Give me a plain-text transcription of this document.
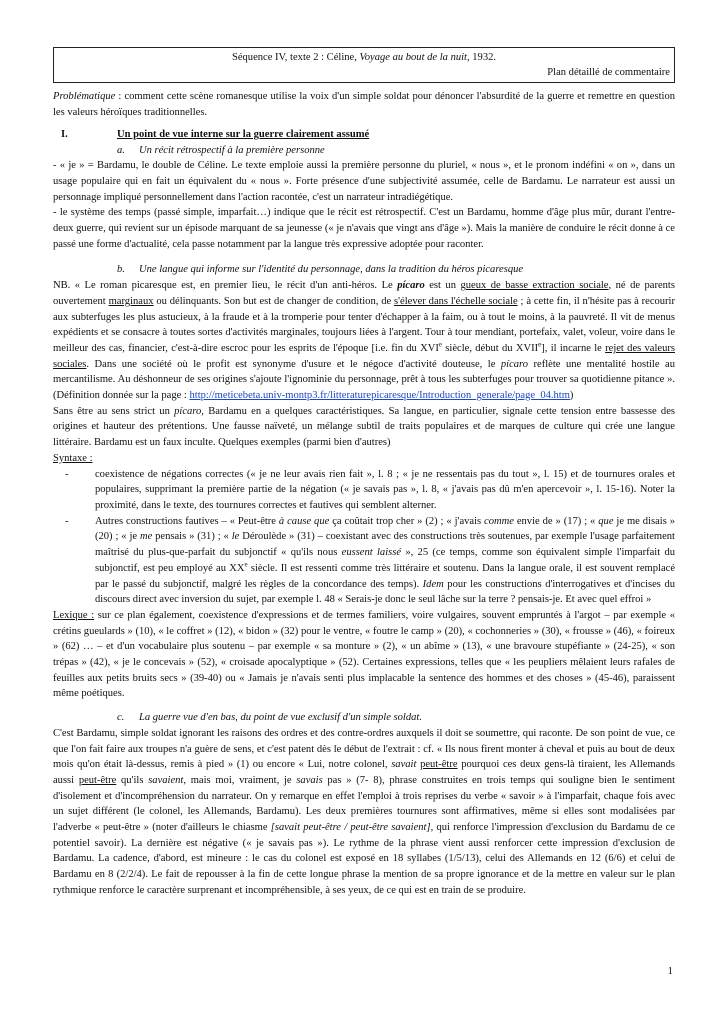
Séquence IV, texte 2 : Céline, Voyage au bout de la nuit, 1932.
Plan détaillé de commentaire

Problématique : comment cette scène romanesque utilise la voix d'un simple soldat pour dénoncer l'absurdité de la guerre et remettre en question les valeurs héroïques traditionnelles.

I.	Un point de vue interne sur la guerre clairement assumé
a. Un récit rétrospectif à la première personne

- « je » = Bardamu, le double de Céline. Le texte emploie aussi la première personne du pluriel, « nous », et le pronom indéfini « on », dans un usage populaire qui en fait un équivalent du « nous ». Forte présence d'une subjectivité assumée, celle de Bardamu. Le narrateur est aussi un personnage impliqué personnellement dans l'action racontée, c'est un narrateur intradiégétique.

- le système des temps (passé simple, imparfait…) indique que le récit est rétrospectif. C'est un Bardamu, homme d'âge plus mûr, durant l'entre-deux guerre, qui revient sur un épisode marquant de sa jeunesse (« je n'avais que vingt ans d'âge »). Mais la manière de conduire le récit donne à ce passé une forme d'actualité, cela passe notamment par la langue très expressive adoptée pour raconter.

b. Une langue qui informe sur l'identité du personnage, dans la tradition du héros picaresque

NB. « Le roman picaresque est, en premier lieu, le récit d'un anti-héros. Le pícaro est un gueux de basse extraction sociale, né de parents ouvertement marginaux ou délinquants. Son but est de changer de condition, de s'élever dans l'échelle sociale ; à cette fin, il n'hésite pas à recourir aux subterfuges les plus astucieux, à la fraude et à la tromperie pour tenter d'échapper à la faim, ou à tout le moins, à la pauvreté. Il vit de menus expédients et se consacre à toutes sortes d'activités marginales, toujours liées à l'argent. Tour à tour mendiant, portefaix, valet, voleur, voire dans le meilleur des cas, financier, c'est-à-dire escroc pour les esprits de l'époque [i.e. fin du XVIe siècle, début du XVIIe], il incarne le rejet des valeurs sociales. Dans une société où le profit est synonyme d'usure et le négoce d'activité douteuse, le pícaro reflète une mentalité hostile au mercantilisme. Au déshonneur de ses origines s'ajoute l'ignominie du personnage, prêt à tous les subterfuges pour trouver sa quotidienne pitance ». (Définition donnée sur la page : http://meticebeta.univ-montp3.fr/litteraturepicaresque/Introduction_generale/page_04.htm)

Sans être au sens strict un pícaro, Bardamu en a quelques caractéristiques. Sa langue, en particulier, signale cette tension entre bassesse des origines et hauteur des prétentions. Une fausse naïveté, un mélange subtil de traits populaires et de marques de culture qui crée une langue littéraire. Bardamu est un faux inculte. Quelques exemples (parmi bien d'autres)

Syntaxe :

-	coexistence de négations correctes (« je ne leur avais rien fait », l. 8 ; « je ne ressentais pas du tout », l. 15) et de tournures orales et populaires, supprimant la première partie de la négation (« je savais pas », l. 8, « j'avais pas dû m'en apercevoir », l. 15-16). Noter la proximité, dans le texte, des tournures correctes et fautives qui semblent alterner.
-	Autres constructions fautives – « Peut-être à cause que ça coûtait trop cher » (2) ; « j'avais comme envie de » (17) ; « que je me disais » (20) ; « je me pensais » (31) ; « le Déroulède » (31) – coexistant avec des constructions très soutenues, par exemple l'usage parfaitement maîtrisé du plus-que-parfait du subjonctif « qu'ils nous eussent laissé », 25 (ce temps, comme son équivalent simple l'imparfait du subjonctif, est peu employé au XXe siècle. Il est ressenti comme très littéraire et soutenu. Dans la langue orale, il est souvent remplacé par le passé du subjonctif, malgré les règles de la concordance des temps). Idem pour les constructions d'interrogatives et d'incises du discours direct avec inversion du sujet, par exemple l. 48 « Serais-je donc le seul lâche sur la terre ? pensais-je. Et avec quel effroi »

Lexique : sur ce plan également, coexistence d'expressions et de termes familiers, voire vulgaires, souvent empruntés à l'argot – par exemple « crétins gueulards » (10), « le coffret » (12), « bidon » (32) pour le ventre, « foutre le camp » (20), « cochonneries » (30), « frousse » (46), « foireux » (62) … – et d'un vocabulaire plus soutenu – par exemple « sa monture » (2), « un abîme » (13), « une bravoure stupéfiante » (24-25), « son trépas » (42), « je le concevais » (52), « croisade apocalyptique » (52). Certaines expressions, telles que « les peupliers mêlaient leurs rafales de feuilles aux petits bruits secs » (39-40) ou « Jamais je n'avais senti plus implacable la sentence des hommes et des choses » (45-46), paraissent même poétiques.

c. La guerre vue d'en bas, du point de vue exclusif d'un simple soldat.

C'est Bardamu, simple soldat ignorant les raisons des ordres et des contre-ordres auxquels il doit se soumettre, qui raconte. De son point de vue, ce que l'on fait faire aux troupes n'a guère de sens, et c'est patent dès le début de l'extrait : cf. « Ils nous firent monter à cheval et puis au bout de deux mois qu'on était là-dessus, remis à pied » (1) ou encore « Lui, notre colonel, savait peut-être pourquoi ces deux gens-là tiraient, les Allemands aussi peut-être qu'ils savaient, mais moi, vraiment, je savais pas » (7- 8), phrase construites en trois temps qui souligne bien le sentiment d'isolement et d'incompréhension du narrateur. On y remarque en effet l'emploi à trois reprises du verbe « savoir » à l'imparfait, chaque fois avec un sujet différent (le colonel, les Allemands, Bardamu). Les deux premières tournures sont affirmatives, même si elles sont modalisées par l'adverbe « peut-être » (noter d'ailleurs le chiasme [savait peut-être / peut-être savaient], qui renforce l'impression d'exclusion du Bardamu de ce potentiel savoir). La dernière est négative (« je savais pas »). Le rythme de la phrase vient aussi renforcer cette impression d'exclusion de Bardamu. La cadence, d'abord, est mineure : le cas du colonel est exposé en 18 syllabes (1/5/13), celui des Allemands en 12 (6/6) et celui de Bardamu en 8 (2/2/4). Le fait de repousser à la fin de cette longue phrase la mention de sa propre ignorance et de la mettre en valeur sur le plan rythmique renforce le caractère surprenant et incompréhensible, à ses yeux, de ce qui est en train de se produire.

1
